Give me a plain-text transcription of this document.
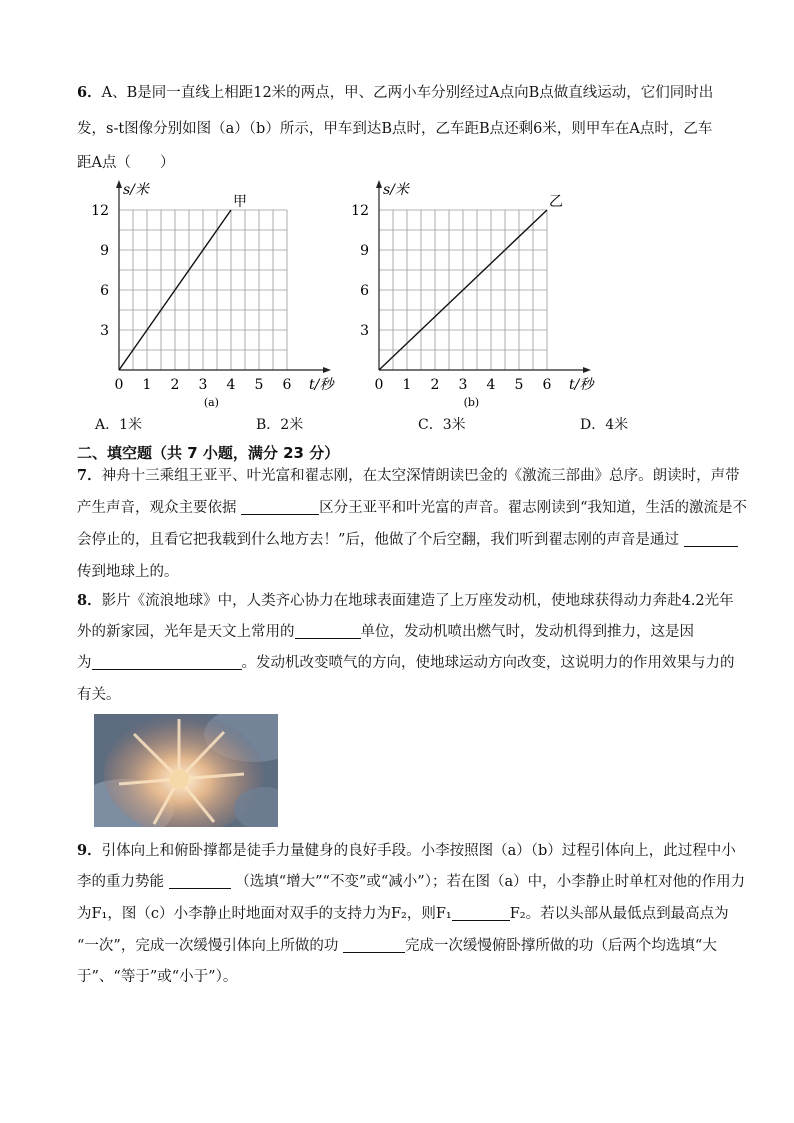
6．A、B是同一直线上相距12米的两点，甲、乙两小车分别经过A点向B点做直线运动，它们同时出
发，s-t图像分别如图（a）（b）所示，甲车到达B点时，乙车距B点还剩6米，则甲车在A点时，乙车
距A点（　　）
0 1 2 3 4 5 6
3
6
9
12
s/米
t/秒
甲
(a)
0 1 2 3 4 5 6
3
6
9
12
s/米
t/秒
乙
(b)
A．1米	B．2米	C．3米	D．4米
二、填空题（共 7 小题，满分 23 分）
7．神舟十三乘组王亚平、叶光富和翟志刚，在太空深情朗读巴金的《激流三部曲》总序。朗读时，声带
产生声音，观众主要依据	区分王亚平和叶光富的声音。翟志刚读到“我知道，生活的激流是不
会停止的，且看它把我载到什么地方去！”后，他做了个后空翻，我们听到翟志刚的声音是通过
传到地球上的。
8．影片《流浪地球》中，人类齐心协力在地球表面建造了上万座发动机，使地球获得动力奔赴4.2光年
外的新家园，光年是天文上常用的	单位，发动机喷出燃气时，发动机得到推力，这是因
为	。发动机改变喷气的方向，使地球运动方向改变，这说明力的作用效果与力的
有关。
9．引体向上和俯卧撑都是徒手力量健身的良好手段。小李按照图（a）（b）过程引体向上，此过程中小
李的重力势能	（选填“增大”“不变”或“减小”）；若在图（a）中，小李静止时单杠对他的作用力
为F₁，图（c）小李静止时地面对双手的支持力为F₂，则F₁	F₂。若以头部从最低点到最高点为
“一次”，完成一次缓慢引体向上所做的功	完成一次缓慢俯卧撑所做的功（后两个均选填“大
于”、“等于”或“小于”）。
